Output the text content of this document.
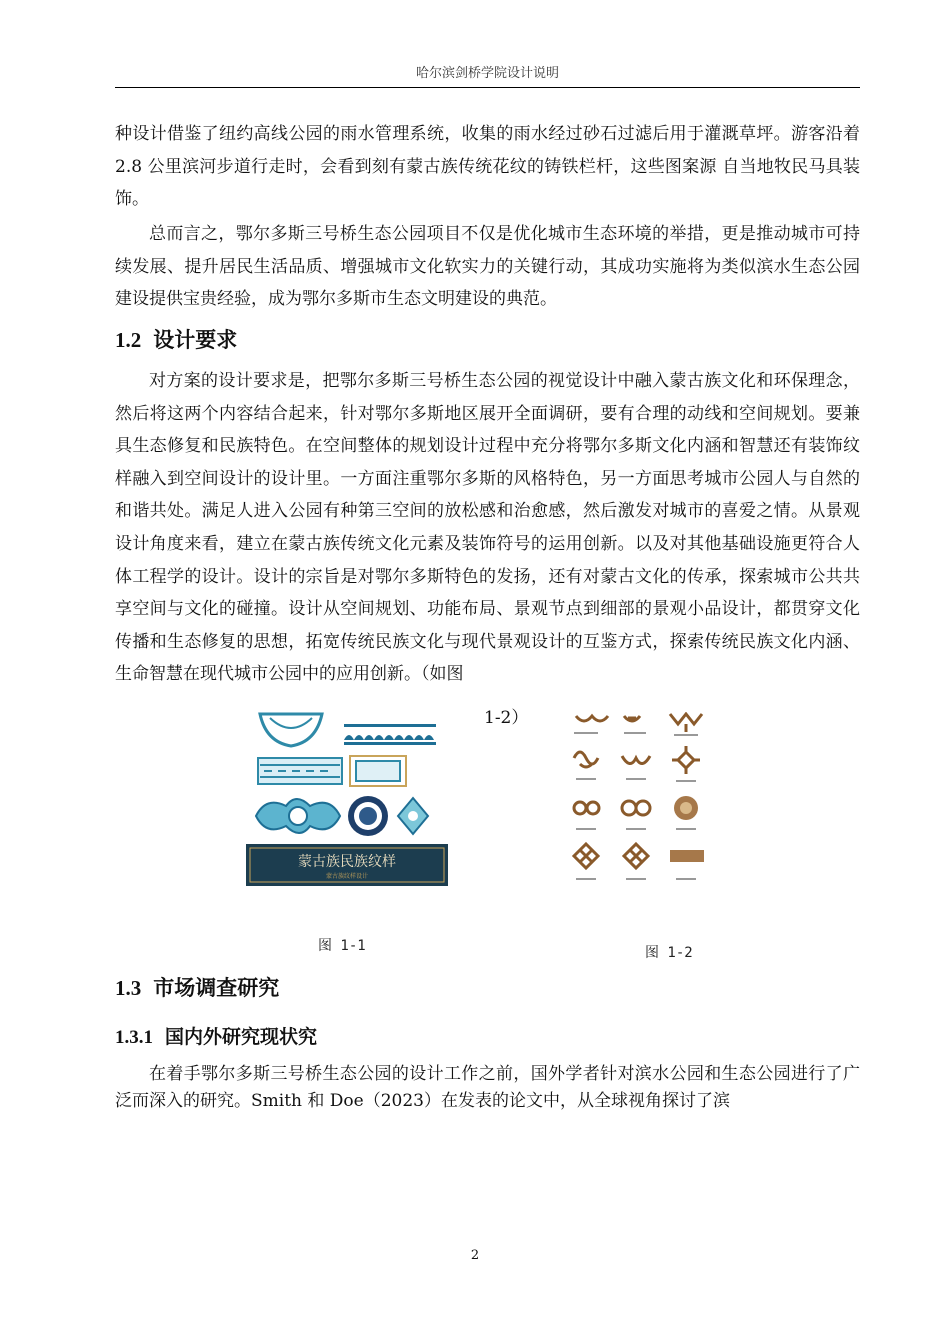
哈尔滨剑桥学院设计说明

种设计借鉴了纽约高线公园的雨水管理系统，收集的雨水经过砂石过滤后用于灌溉草坪。游客沿着 2.8 公里滨河步道行走时，会看到刻有蒙古族传统花纹的铸铁栏杆，这些图案源 自当地牧民马具装饰。

总而言之，鄂尔多斯三号桥生态公园项目不仅是优化城市生态环境的举措，更是推动城市可持续发展、提升居民生活品质、增强城市文化软实力的关键行动，其成功实施将为类似滨水生态公园建设提供宝贵经验，成为鄂尔多斯市生态文明建设的典范。

1.2 设计要求

对方案的设计要求是，把鄂尔多斯三号桥生态公园的视觉设计中融入蒙古族文化和环保理念，然后将这两个内容结合起来，针对鄂尔多斯地区展开全面调研，要有合理的动线和空间规划。要兼具生态修复和民族特色。在空间整体的规划设计过程中充分将鄂尔多斯文化内涵和智慧还有装饰纹样融入到空间设计的设计里。一方面注重鄂尔多斯的风格特色，另一方面思考城市公园人与自然的和谐共处。满足人进入公园有种第三空间的放松感和治愈感，然后激发对城市的喜爱之情。从景观设计角度来看，建立在蒙古族传统文化元素及装饰符号的运用创新。以及对其他基础设施更符合人体工程学的设计。设计的宗旨是对鄂尔多斯特色的发扬，还有对蒙古文化的传承，探索城市公共共享空间与文化的碰撞。设计从空间规划、功能布局、景观节点到细部的景观小品设计，都贯穿文化传播和生态修复的思想，拓宽传统民族文化与现代景观设计的互鉴方式，探索传统民族文化内涵、生命智慧在现代城市公园中的应用创新。（如图

1-2）
蒙古族民族纹样
蒙古族纹样设计
图 1-1	图 1-2
1.3 市场调查研究
1.3.1 国内外研究现状究

在着手鄂尔多斯三号桥生态公园的设计工作之前，国外学者针对滨水公园和生态公园进行了广泛而深入的研究。Smith 和 Doe（2023）在发表的论文中，从全球视角探讨了滨

2
